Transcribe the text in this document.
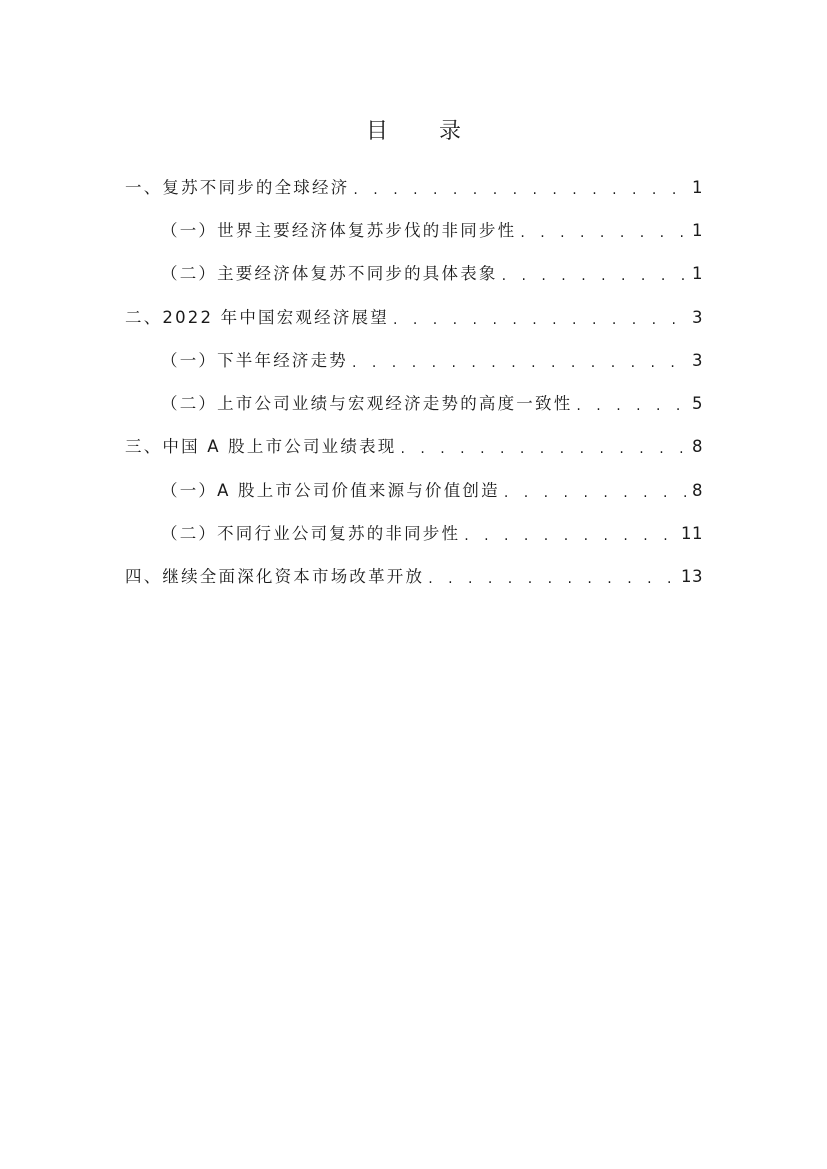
目 录
一、复苏不同步的全球经济 . . .	1
（一）世界主要经济体复苏步伐的非同步性 . . .	1
（二）主要经济体复苏不同步的具体表象 . . .	1
二、2022 年中国宏观经济展望 . . .	3
（一）下半年经济走势 . . .	3
（二）上市公司业绩与宏观经济走势的高度一致性 . . .	5
三、中国 A 股上市公司业绩表现 . . .	8
（一）A 股上市公司价值来源与价值创造 . . .	8
（二）不同行业公司复苏的非同步性 . . .	11
四、继续全面深化资本市场改革开放 . . .	13
